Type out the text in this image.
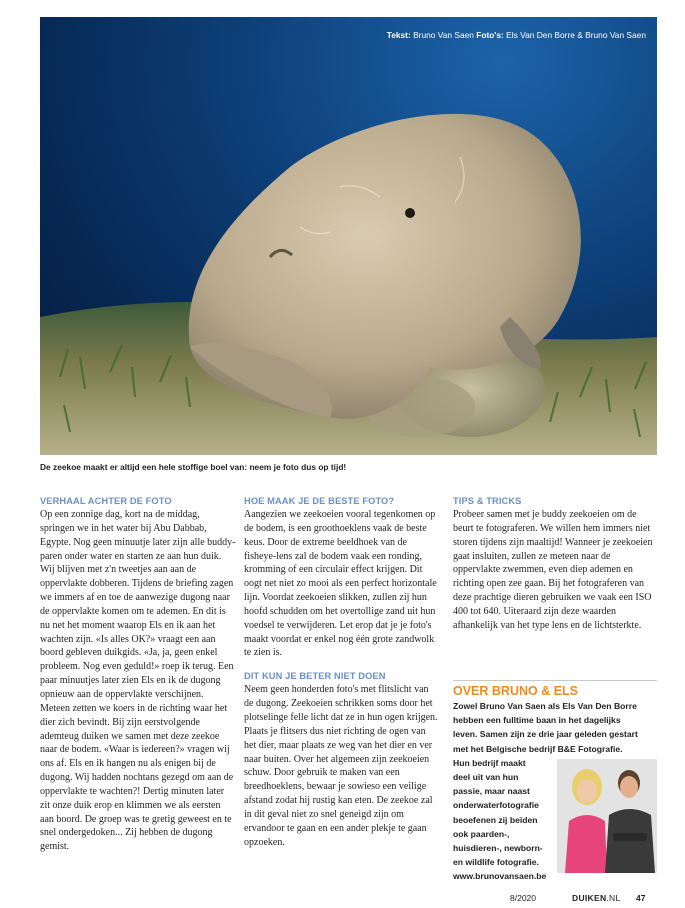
Tekst: Bruno Van Saen Foto's: Els Van Den Borre & Bruno Van Saen
De zeekoe maakt er altijd een hele stoffige boel van: neem je foto dus op tijd!
VERHAAL ACHTER DE FOTO

Op een zonnige dag, kort na de middag, springen we in het water bij Abu Dabbab, Egypte. Nog geen minuutje later zijn alle buddy-paren onder water en starten ze aan hun duik. Wij blijven met z'n tweetjes aan aan de oppervlakte dobberen. Tijdens de briefing zagen we immers af en toe de aanwezige dugong naar de oppervlakte komen om te ademen. En dit is nu net het moment waarop Els en ik aan het wachten zijn. «Is alles OK?» vraagt een aan boord gebleven duikgids. «Ja, ja, geen enkel probleem. Nog even geduld!» roep ik terug. Een paar minuutjes later zien Els en ik de dugong opnieuw aan de oppervlakte verschijnen. Meteen zetten we koers in de richting waar het dier zich bevindt. Bij zijn eerstvolgende ademteug duiken we samen met deze zeekoe naar de bodem. «Waar is iedereen?» vragen wij ons af. Els en ik hangen nu als enigen bij de dugong. Wij hadden nochtans gezegd om aan de oppervlakte te wachten?! Dertig minuten later zit onze duik erop en klimmen we als eersten aan boord. De groep was te gretig geweest en te snel ondergedoken... Zij hebben de dugong gemist.

HOE MAAK JE DE BESTE FOTO?

Aangezien we zeekoeien vooral tegenkomen op de bodem, is een groothoeklens vaak de beste keus. Door de extreme beeldhoek van de fisheye-lens zal de bodem vaak een ronding, kromming of een circulair effect krijgen. Dit oogt net niet zo mooi als een perfect horizontale lijn. Voordat zeekoeien slikken, zullen zij hun hoofd schudden om het overtollige zand uit hun voedsel te verwijderen. Let erop dat je je foto's maakt voordat er enkel nog één grote zandwolk te zien is.

DIT KUN JE BETER NIET DOEN

Neem geen honderden foto's met flitslicht van de dugong. Zeekoeien schrikken soms door het plotselinge felle licht dat ze in hun ogen krijgen. Plaats je flitsers dus niet richting de ogen van het dier, maar plaats ze weg van het dier en ver naar buiten. Over het algemeen zijn zeekoeien schuw. Door gebruik te maken van een breedhoeklens, bewaar je sowieso een veilige afstand zodat hij rustig kan eten. De zeekoe zal in dit geval niet zo snel geneigd zijn om ervandoor te gaan en een ander plekje te gaan opzoeken.

TIPS & TRICKS

Probeer samen met je buddy zeekoeien om de beurt te fotograferen. We willen hem immers niet storen tijdens zijn maaltijd! Wanneer je zeekoeien gaat insluiten, zullen ze meteen naar de oppervlakte zwemmen, even diep ademen en richting open zee gaan. Bij het fotograferen van deze prachtige dieren gebruiken we vaak een ISO 400 tot 640. Uiteraard zijn deze waarden afhankelijk van het type lens en de lichtsterkte.

OVER BRUNO & ELS

Zowel Bruno Van Saen als Els Van Den Borre

hebben een fulltime baan in het dagelijks

leven. Samen zijn ze drie jaar geleden gestart

met het Belgische bedrijf B&E Fotografie.

Hun bedrijf maakt

deel uit van hun

passie, maar naast

onderwaterfotografie

beoefenen zij beiden

ook paarden-,

huisdieren-, newborn-

en wildlife fotografie.

www.brunovansaen.be

8/2020	DUIKEN.NL 47
